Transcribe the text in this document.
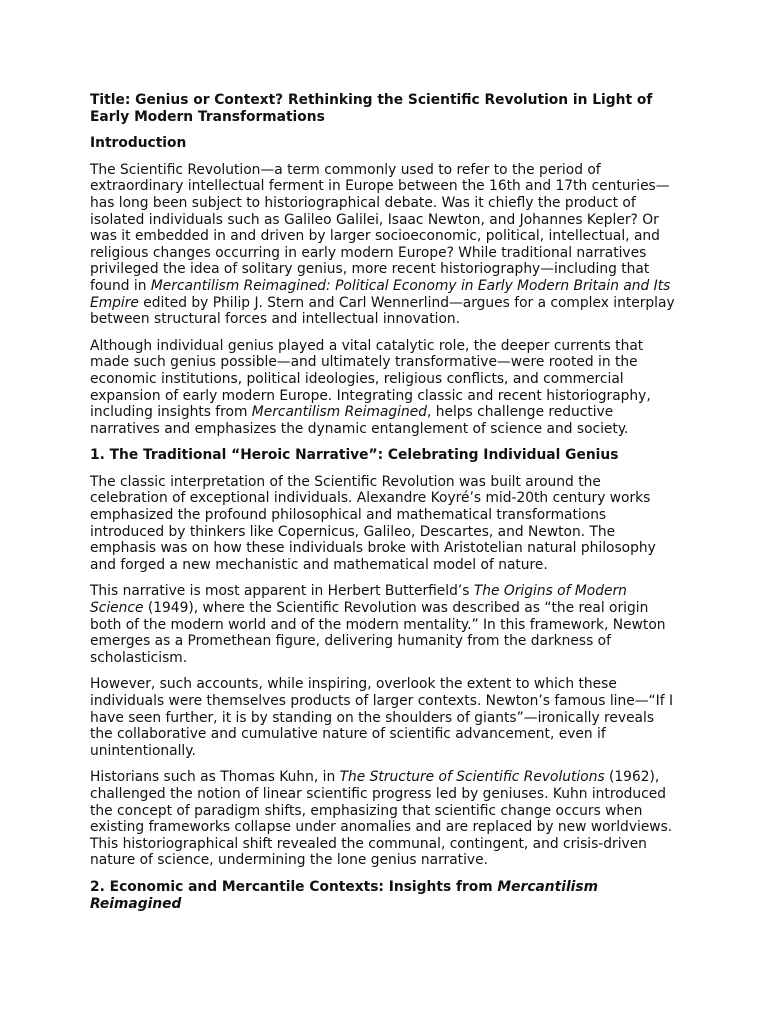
Title: Genius or Context? Rethinking the Scientific Revolution in Light of Early Modern Transformations
Introduction

The Scientific Revolution—a term commonly used to refer to the period of extraordinary intellectual ferment in Europe between the 16th and 17th centuries—has long been subject to historiographical debate. Was it chiefly the product of isolated individuals such as Galileo Galilei, Isaac Newton, and Johannes Kepler? Or was it embedded in and driven by larger socioeconomic, political, intellectual, and religious changes occurring in early modern Europe? While traditional narratives privileged the idea of solitary genius, more recent historiography—including that found in Mercantilism Reimagined: Political Economy in Early Modern Britain and Its Empire edited by Philip J. Stern and Carl Wennerlind—argues for a complex interplay between structural forces and intellectual innovation.

Although individual genius played a vital catalytic role, the deeper currents that made such genius possible—and ultimately transformative—were rooted in the economic institutions, political ideologies, religious conflicts, and commercial expansion of early modern Europe. Integrating classic and recent historiography, including insights from Mercantilism Reimagined, helps challenge reductive narratives and emphasizes the dynamic entanglement of science and society.

1. The Traditional “Heroic Narrative”: Celebrating Individual Genius

The classic interpretation of the Scientific Revolution was built around the celebration of exceptional individuals. Alexandre Koyré’s mid-20th century works emphasized the profound philosophical and mathematical transformations introduced by thinkers like Copernicus, Galileo, Descartes, and Newton. The emphasis was on how these individuals broke with Aristotelian natural philosophy and forged a new mechanistic and mathematical model of nature.

This narrative is most apparent in Herbert Butterfield’s The Origins of Modern Science (1949), where the Scientific Revolution was described as “the real origin both of the modern world and of the modern mentality.” In this framework, Newton emerges as a Promethean figure, delivering humanity from the darkness of scholasticism.

However, such accounts, while inspiring, overlook the extent to which these individuals were themselves products of larger contexts. Newton’s famous line—“If I have seen further, it is by standing on the shoulders of giants”—ironically reveals the collaborative and cumulative nature of scientific advancement, even if unintentionally.

Historians such as Thomas Kuhn, in The Structure of Scientific Revolutions (1962), challenged the notion of linear scientific progress led by geniuses. Kuhn introduced the concept of paradigm shifts, emphasizing that scientific change occurs when existing frameworks collapse under anomalies and are replaced by new worldviews. This historiographical shift revealed the communal, contingent, and crisis-driven nature of science, undermining the lone genius narrative.

2. Economic and Mercantile Contexts: Insights from Mercantilism Reimagined
